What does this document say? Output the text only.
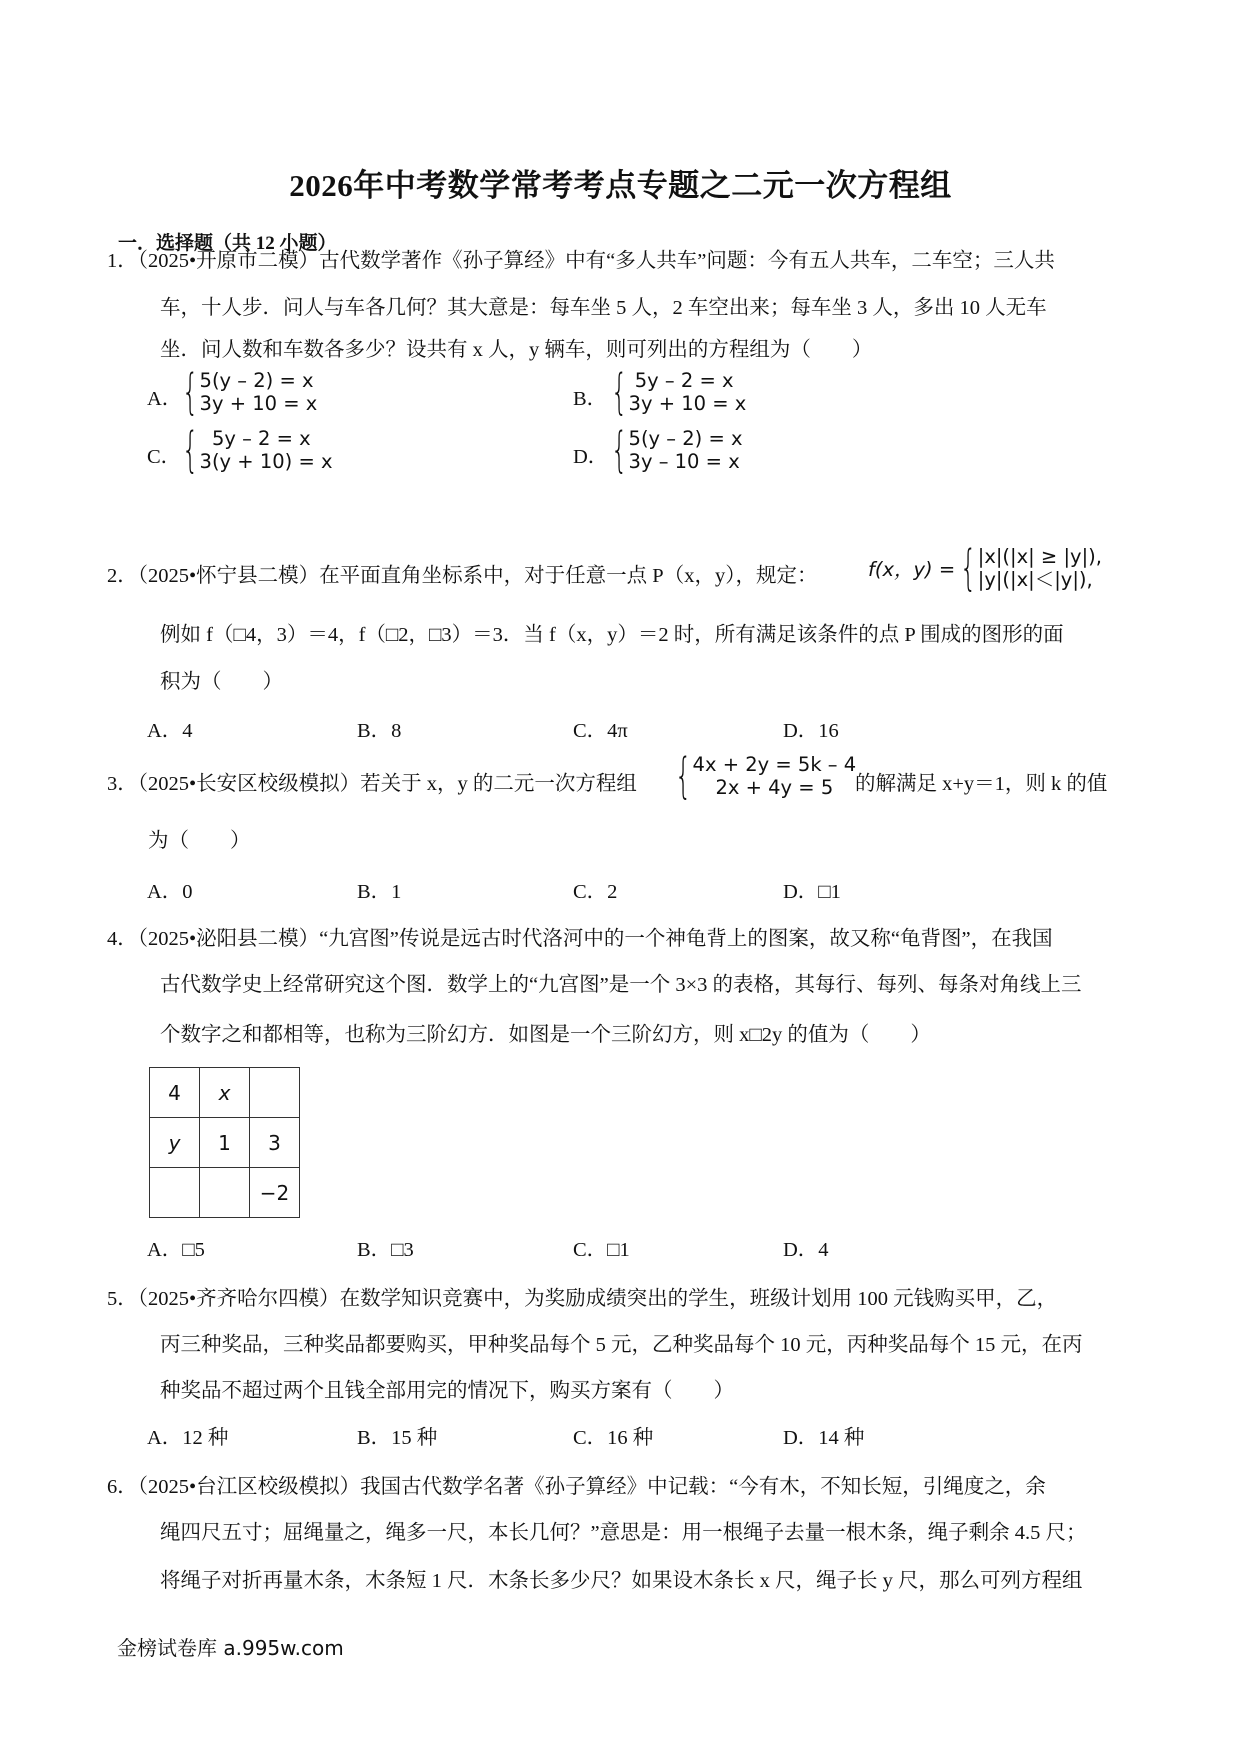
2026年中考数学常考考点专题之二元一次方程组
一．选择题（共 12 小题）
1．（2025•开原市二模）古代数学著作《孙子算经》中有“多人共车”问题：今有五人共车，二车空；三人共
车，十人步．问人与车各几何？其大意是：每车坐 5 人，2 车空出来；每车坐 3 人，多出 10 人无车
坐．问人数和车数各多少？设共有 x 人，y 辆车，则可列出的方程组为（　　）
A． { 5(y – 2) = x
3y + 10 = x	B． { 5y – 2 = x
3y + 10 = x
C． { 5y – 2 = x
3(y + 10) = x	D． { 5(y – 2) = x
3y – 10 = x
2．（2025•怀宁县二模）在平面直角坐标系中，对于任意一点 P（x，y），规定：	f(x，y) = { |x|(|x| ≥ |y|),
|y|(|x|＜|y|),
例如 f（□4，3）＝4，f（□2，□3）＝3．当 f（x，y）＝2 时，所有满足该条件的点 P 围成的图形的面
积为（　　）
A．4	B．8	C．4π	D．16
3．（2025•长安区校级模拟）若关于 x，y 的二元一次方程组 { 4x + 2y = 5k – 4
2x + 4y = 5 的解满足 x+y＝1，则 k 的值
为（　　）
A．0	B．1	C．2	D．□1
4．（2025•泌阳县二模）“九宫图”传说是远古时代洛河中的一个神龟背上的图案，故又称“龟背图”，在我国
古代数学史上经常研究这个图．数学上的“九宫图”是一个 3×3 的表格，其每行、每列、每条对角线上三
个数字之和都相等，也称为三阶幻方．如图是一个三阶幻方，则 x□2y 的值为（　　）
4	x	
y	1	3
		−2
A．□5	B．□3	C．□1	D．4
5．（2025•齐齐哈尔四模）在数学知识竞赛中，为奖励成绩突出的学生，班级计划用 100 元钱购买甲，乙，
丙三种奖品，三种奖品都要购买，甲种奖品每个 5 元，乙种奖品每个 10 元，丙种奖品每个 15 元，在丙
种奖品不超过两个且钱全部用完的情况下，购买方案有（　　）
A．12 种	B．15 种	C．16 种	D．14 种
6．（2025•台江区校级模拟）我国古代数学名著《孙子算经》中记载：“今有木，不知长短，引绳度之，余
绳四尺五寸；屈绳量之，绳多一尺，本长几何？”意思是：用一根绳子去量一根木条，绳子剩余 4.5 尺；
将绳子对折再量木条，木条短 1 尺．木条长多少尺？如果设木条长 x 尺，绳子长 y 尺，那么可列方程组
金榜试卷库 a.995w.com
